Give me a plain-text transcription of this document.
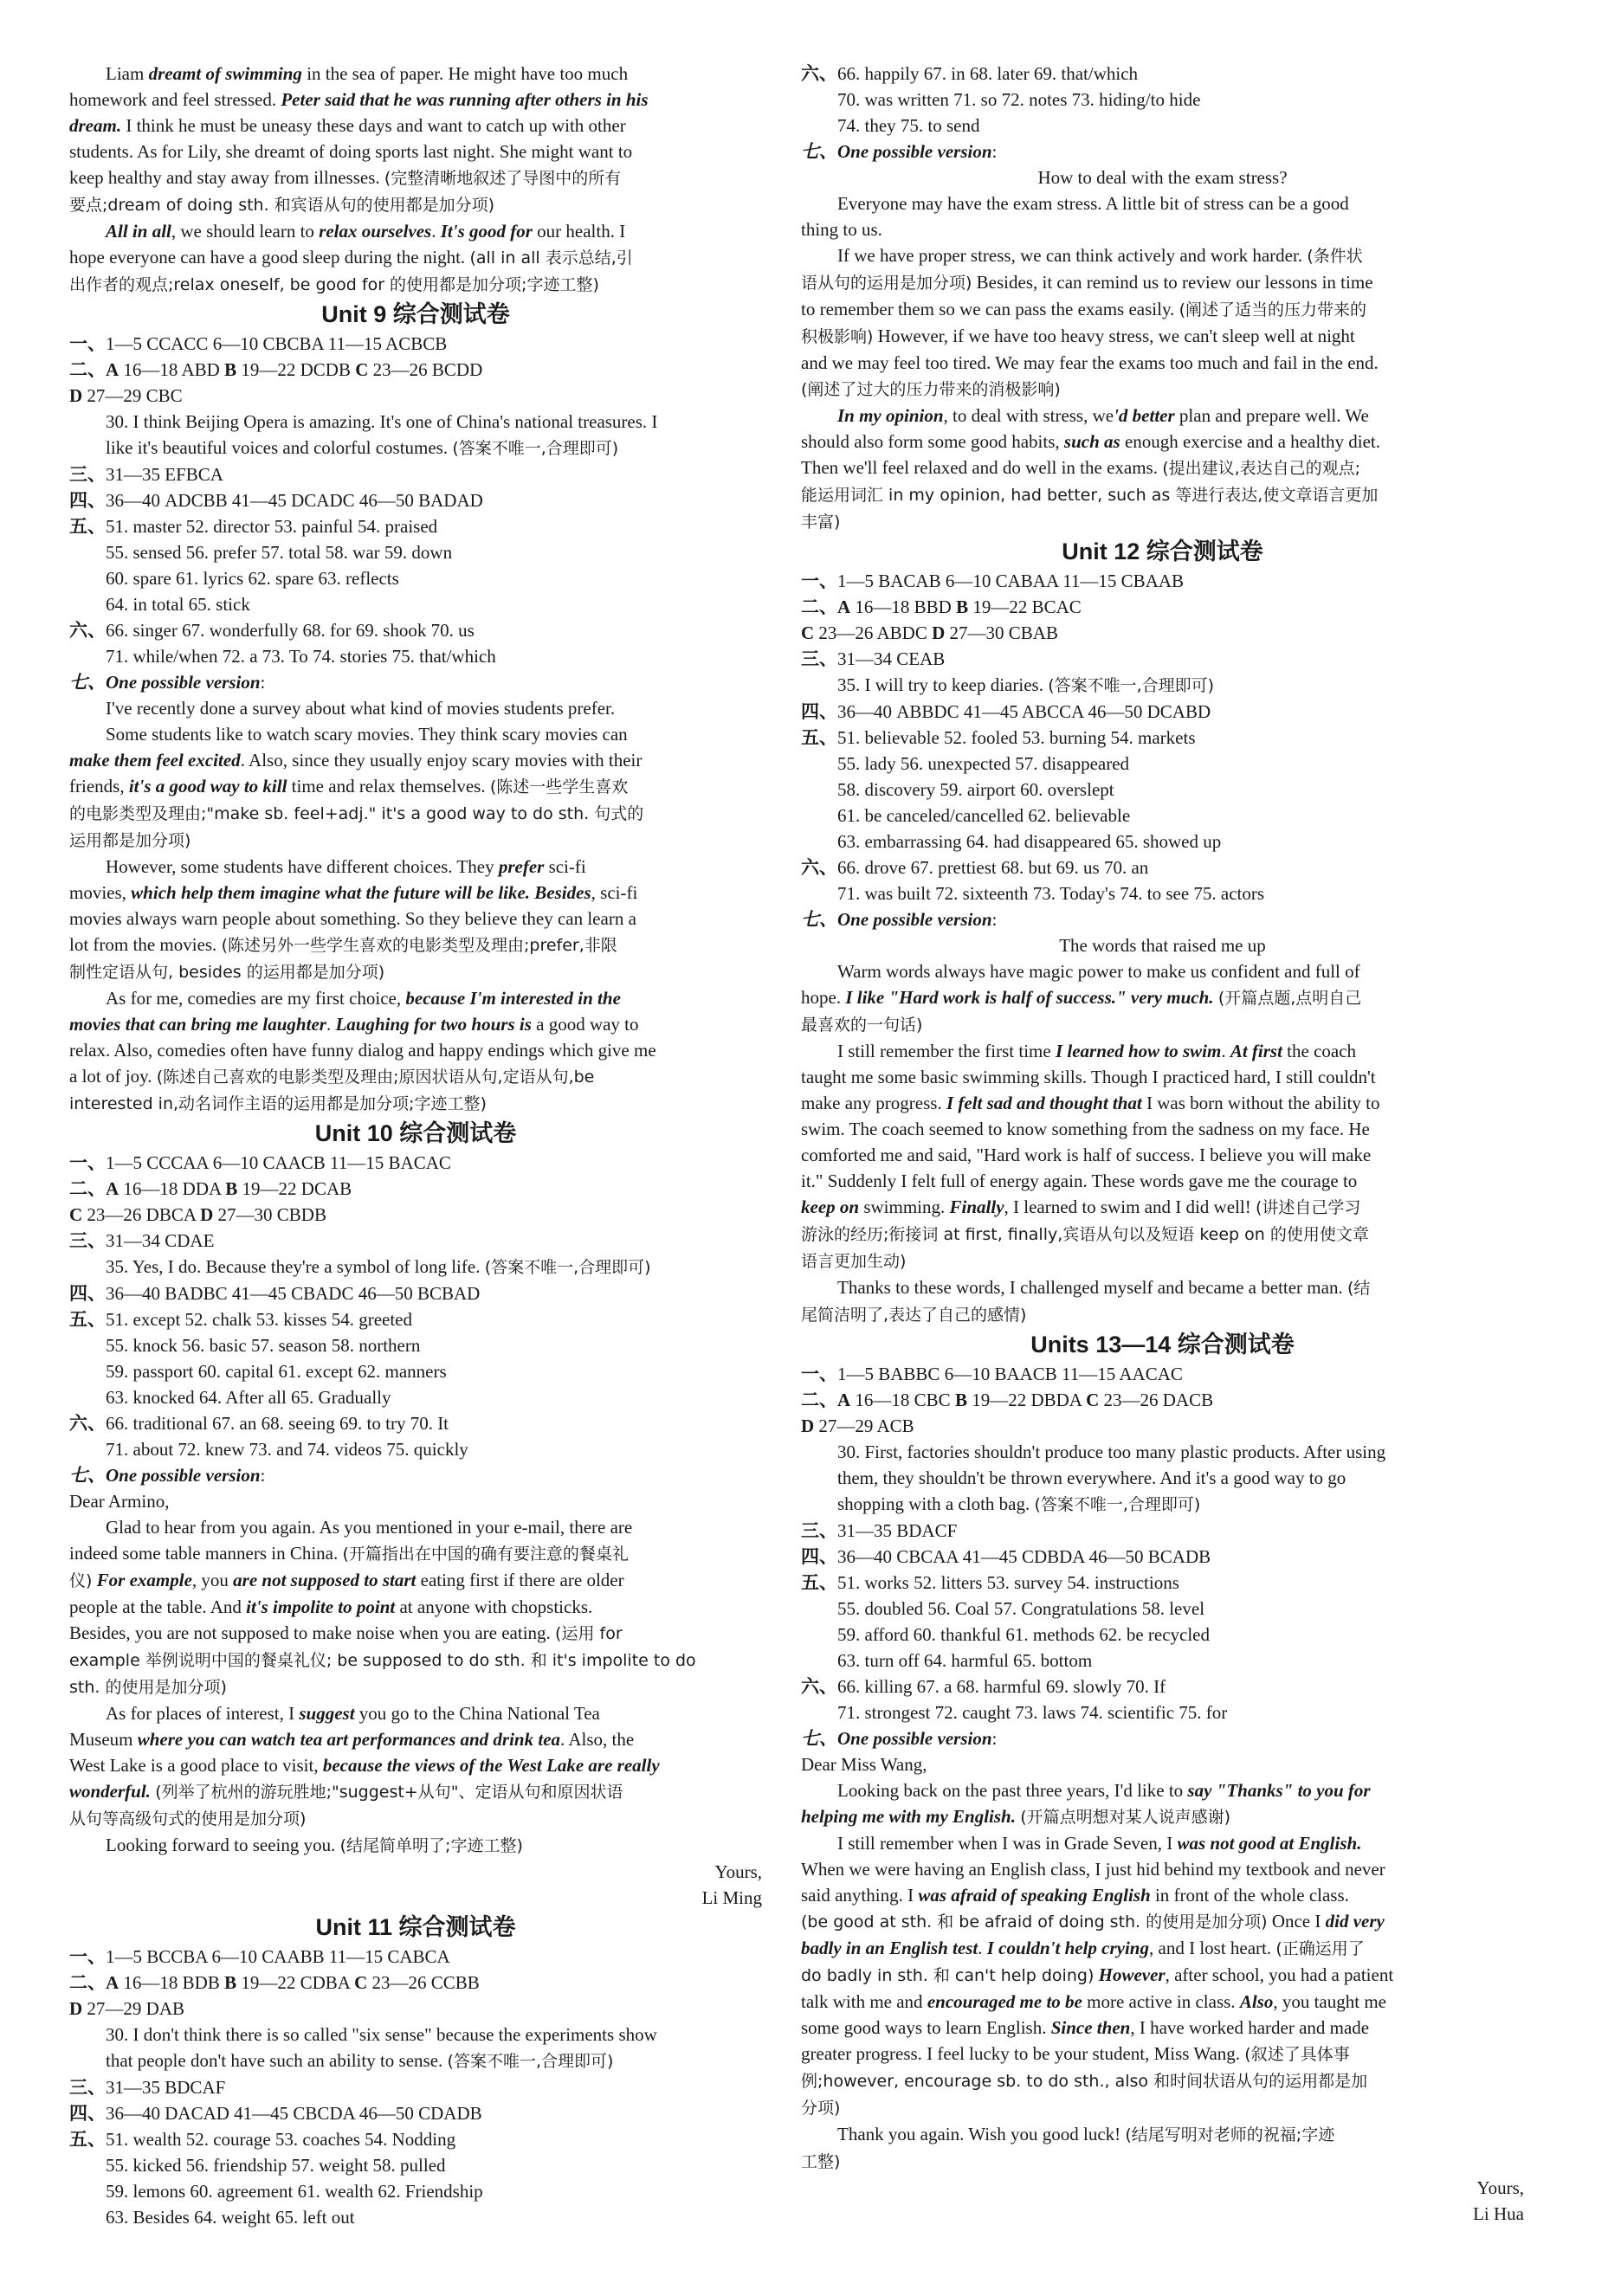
Liam dreamt of swimming in the sea of paper. He might have too much
homework and feel stressed. Peter said that he was running after others in his
dream. I think he must be uneasy these days and want to catch up with other
students. As for Lily, she dreamt of doing sports last night. She might want to
keep healthy and stay away from illnesses. (完整清晰地叙述了导图中的所有
要点;dream of doing sth. 和宾语从句的使用都是加分项)
All in all, we should learn to relax ourselves. It's good for our health. I
hope everyone can have a good sleep during the night. (all in all 表示总结,引
出作者的观点;relax oneself, be good for 的使用都是加分项;字迹工整)
Unit 9 综合测试卷
一、1—5 CCACC 6—10 CBCBA 11—15 ACBCB
二、A 16—18 ABD B 19—22 DCDB C 23—26 BCDD
D 27—29 CBC
30. I think Beijing Opera is amazing. It's one of China's national treasures. I
like it's beautiful voices and colorful costumes. (答案不唯一,合理即可)
三、31—35 EFBCA
四、36—40 ADCBB 41—45 DCADC 46—50 BADAD
五、51. master 52. director 53. painful 54. praised
55. sensed 56. prefer 57. total 58. war 59. down
60. spare 61. lyrics 62. spare 63. reflects
64. in total 65. stick
六、66. singer 67. wonderfully 68. for 69. shook 70. us
71. while/when 72. a 73. To 74. stories 75. that/which
七、One possible version:
I've recently done a survey about what kind of movies students prefer.
Some students like to watch scary movies. They think scary movies can
make them feel excited. Also, since they usually enjoy scary movies with their
friends, it's a good way to kill time and relax themselves. (陈述一些学生喜欢
的电影类型及理由;"make sb. feel+adj." it's a good way to do sth. 句式的
运用都是加分项)
However, some students have different choices. They prefer sci-fi
movies, which help them imagine what the future will be like. Besides, sci-fi
movies always warn people about something. So they believe they can learn a
lot from the movies. (陈述另外一些学生喜欢的电影类型及理由;prefer,非限
制性定语从句, besides 的运用都是加分项)
As for me, comedies are my first choice, because I'm interested in the
movies that can bring me laughter. Laughing for two hours is a good way to
relax. Also, comedies often have funny dialog and happy endings which give me
a lot of joy. (陈述自己喜欢的电影类型及理由;原因状语从句,定语从句,be
interested in,动名词作主语的运用都是加分项;字迹工整)
Unit 10 综合测试卷
一、1—5 CCCAA 6—10 CAACB 11—15 BACAC
二、A 16—18 DDA B 19—22 DCAB
C 23—26 DBCA D 27—30 CBDB
三、31—34 CDAE
35. Yes, I do. Because they're a symbol of long life. (答案不唯一,合理即可)
四、36—40 BADBC 41—45 CBADC 46—50 BCBAD
五、51. except 52. chalk 53. kisses 54. greeted
55. knock 56. basic 57. season 58. northern
59. passport 60. capital 61. except 62. manners
63. knocked 64. After all 65. Gradually
六、66. traditional 67. an 68. seeing 69. to try 70. It
71. about 72. knew 73. and 74. videos 75. quickly
七、One possible version:
Dear Armino,
Glad to hear from you again. As you mentioned in your e-mail, there are
indeed some table manners in China. (开篇指出在中国的确有要注意的餐桌礼
仪) For example, you are not supposed to start eating first if there are older
people at the table. And it's impolite to point at anyone with chopsticks.
Besides, you are not supposed to make noise when you are eating. (运用 for
example 举例说明中国的餐桌礼仪; be supposed to do sth. 和 it's impolite to do
sth. 的使用是加分项)
As for places of interest, I suggest you go to the China National Tea
Museum where you can watch tea art performances and drink tea. Also, the
West Lake is a good place to visit, because the views of the West Lake are really
wonderful. (列举了杭州的游玩胜地;"suggest+从句"、定语从句和原因状语
从句等高级句式的使用是加分项)
Looking forward to seeing you. (结尾简单明了;字迹工整)
Yours,
Li Ming
Unit 11 综合测试卷
一、1—5 BCCBA 6—10 CAABB 11—15 CABCA
二、A 16—18 BDB B 19—22 CDBA C 23—26 CCBB
D 27—29 DAB
30. I don't think there is so called "six sense" because the experiments show
that people don't have such an ability to sense. (答案不唯一,合理即可)
三、31—35 BDCAF
四、36—40 DACAD 41—45 CBCDA 46—50 CDADB
五、51. wealth 52. courage 53. coaches 54. Nodding
55. kicked 56. friendship 57. weight 58. pulled
59. lemons 60. agreement 61. wealth 62. Friendship
63. Besides 64. weight 65. left out
六、66. happily 67. in 68. later 69. that/which
70. was written 71. so 72. notes 73. hiding/to hide
74. they 75. to send
七、One possible version:
How to deal with the exam stress?
Everyone may have the exam stress. A little bit of stress can be a good
thing to us.
If we have proper stress, we can think actively and work harder. (条件状
语从句的运用是加分项) Besides, it can remind us to review our lessons in time
to remember them so we can pass the exams easily. (阐述了适当的压力带来的
积极影响) However, if we have too heavy stress, we can't sleep well at night
and we may feel too tired. We may fear the exams too much and fail in the end.
(阐述了过大的压力带来的消极影响)
In my opinion, to deal with stress, we'd better plan and prepare well. We
should also form some good habits, such as enough exercise and a healthy diet.
Then we'll feel relaxed and do well in the exams. (提出建议,表达自己的观点;
能运用词汇 in my opinion, had better, such as 等进行表达,使文章语言更加
丰富)
Unit 12 综合测试卷
一、1—5 BACAB 6—10 CABAA 11—15 CBAAB
二、A 16—18 BBD B 19—22 BCAC
C 23—26 ABDC D 27—30 CBAB
三、31—34 CEAB
35. I will try to keep diaries. (答案不唯一,合理即可)
四、36—40 ABBDC 41—45 ABCCA 46—50 DCABD
五、51. believable 52. fooled 53. burning 54. markets
55. lady 56. unexpected 57. disappeared
58. discovery 59. airport 60. overslept
61. be canceled/cancelled 62. believable
63. embarrassing 64. had disappeared 65. showed up
六、66. drove 67. prettiest 68. but 69. us 70. an
71. was built 72. sixteenth 73. Today's 74. to see 75. actors
七、One possible version:
The words that raised me up
Warm words always have magic power to make us confident and full of
hope. I like "Hard work is half of success." very much. (开篇点题,点明自己
最喜欢的一句话)
I still remember the first time I learned how to swim. At first the coach
taught me some basic swimming skills. Though I practiced hard, I still couldn't
make any progress. I felt sad and thought that I was born without the ability to
swim. The coach seemed to know something from the sadness on my face. He
comforted me and said, "Hard work is half of success. I believe you will make
it." Suddenly I felt full of energy again. These words gave me the courage to
keep on swimming. Finally, I learned to swim and I did well! (讲述自己学习
游泳的经历;衔接词 at first, finally,宾语从句以及短语 keep on 的使用使文章
语言更加生动)
Thanks to these words, I challenged myself and became a better man. (结
尾简洁明了,表达了自己的感情)
Units 13—14 综合测试卷
一、1—5 BABBC 6—10 BAACB 11—15 AACAC
二、A 16—18 CBC B 19—22 DBDA C 23—26 DACB
D 27—29 ACB
30. First, factories shouldn't produce too many plastic products. After using
them, they shouldn't be thrown everywhere. And it's a good way to go
shopping with a cloth bag. (答案不唯一,合理即可)
三、31—35 BDACF
四、36—40 CBCAA 41—45 CDBDA 46—50 BCADB
五、51. works 52. litters 53. survey 54. instructions
55. doubled 56. Coal 57. Congratulations 58. level
59. afford 60. thankful 61. methods 62. be recycled
63. turn off 64. harmful 65. bottom
六、66. killing 67. a 68. harmful 69. slowly 70. If
71. strongest 72. caught 73. laws 74. scientific 75. for
七、One possible version:
Dear Miss Wang,
Looking back on the past three years, I'd like to say "Thanks" to you for
helping me with my English. (开篇点明想对某人说声感谢)
I still remember when I was in Grade Seven, I was not good at English.
When we were having an English class, I just hid behind my textbook and never
said anything. I was afraid of speaking English in front of the whole class.
(be good at sth. 和 be afraid of doing sth. 的使用是加分项) Once I did very
badly in an English test. I couldn't help crying, and I lost heart. (正确运用了
do badly in sth. 和 can't help doing) However, after school, you had a patient
talk with me and encouraged me to be more active in class. Also, you taught me
some good ways to learn English. Since then, I have worked harder and made
greater progress. I feel lucky to be your student, Miss Wang. (叙述了具体事
例;however, encourage sb. to do sth., also 和时间状语从句的运用都是加
分项)
Thank you again. Wish you good luck! (结尾写明对老师的祝福;字迹
工整)
Yours,
Li Hua
